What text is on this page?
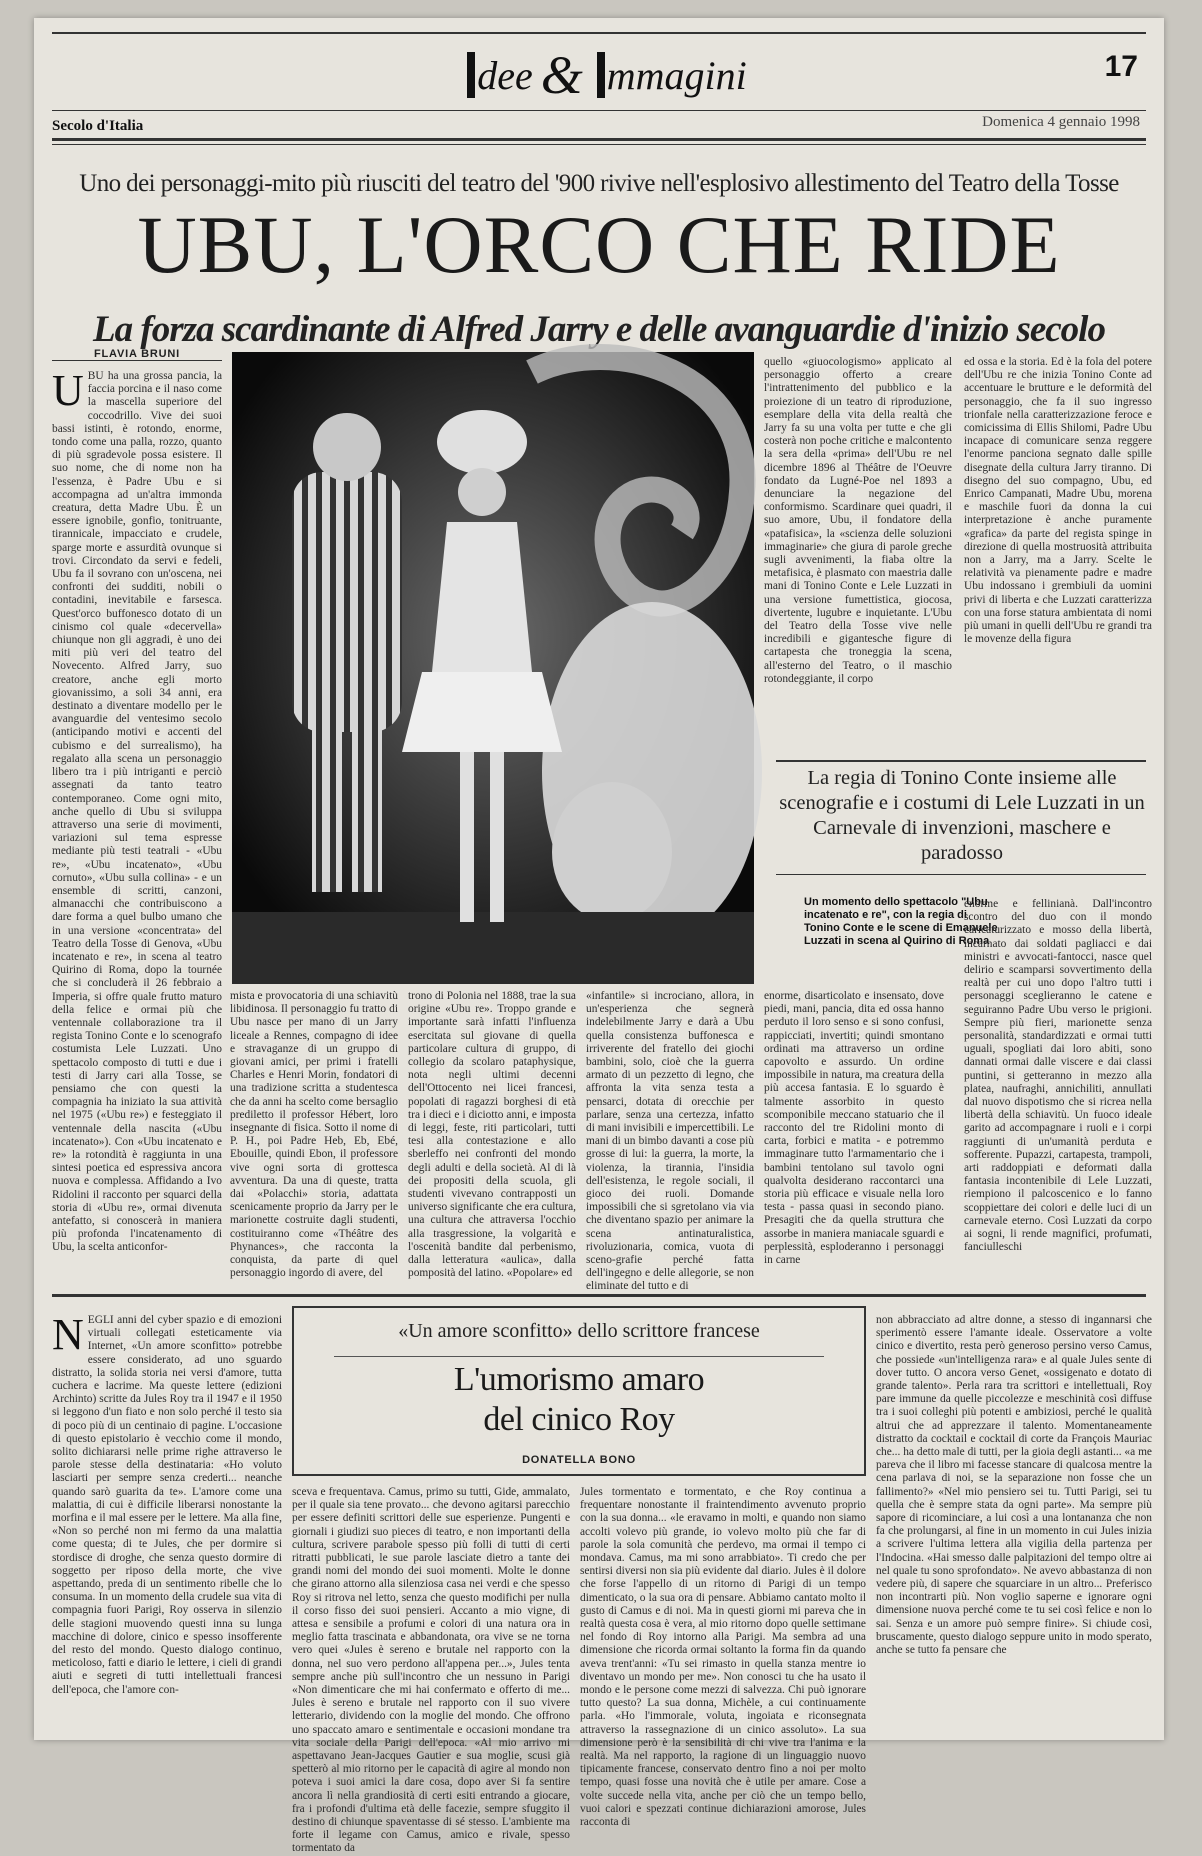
dee & mmagini	17
Secolo d'Italia	Domenica 4 gennaio 1998
Uno dei personaggi-mito più riusciti del teatro del '900 rivive nell'esplosivo allestimento del Teatro della Tosse
UBU, L'ORCO CHE RIDE
La forza scardinante di Alfred Jarry e delle avanguardie d'inizio secolo
FLAVIA BRUNI
UBU ha una grossa pancia, la faccia porcina e il naso come la mascella superiore del coccodrillo. Vive dei suoi bassi istinti, è rotondo, enorme, tondo come una palla, rozzo, quanto di più sgradevole possa esistere. Il suo nome, che di nome non ha l'essenza, è Padre Ubu e si accompagna ad un'altra immonda creatura, detta Madre Ubu. È un essere ignobile, gonfio, tonitruante, tirannicale, impacciato e crudele, sparge morte e assurdità ovunque si trovi. Circondato da servi e fedeli, Ubu fa il sovrano con un'oscena, nei confronti dei sudditi, nobili o contadini, inevitabile e farsesca. Quest'orco buffonesco dotato di un cinismo col quale «decervella» chiunque non gli aggradi, è uno dei miti più veri del teatro del Novecento. Alfred Jarry, suo creatore, anche egli morto giovanissimo, a soli 34 anni, era destinato a diventare modello per le avanguardie del ventesimo secolo (anticipando motivi e accenti del cubismo e del surrealismo), ha regalato alla scena un personaggio libero tra i più intriganti e perciò assegnati da tanto teatro contemporaneo. Come ogni mito, anche quello di Ubu si sviluppa attraverso una serie di movimenti, variazioni sul tema espresse mediante più testi teatrali - «Ubu re», «Ubu incatenato», «Ubu cornuto», «Ubu sulla collina» - e un ensemble di scritti, canzoni, almanacchi che contribuiscono a dare forma a quel bulbo umano che in una versione «concentrata» del Teatro della Tosse di Genova, «Ubu incatenato e re», in scena al teatro Quirino di Roma, dopo la tournée che si concluderà il 26 febbraio a Imperia, si offre quale frutto maturo della felice e ormai più che ventennale collaborazione tra il regista Tonino Conte e lo scenografo costumista Lele Luzzati. Uno spettacolo composto di tutti e due i testi di Jarry cari alla Tosse, se pensiamo che con questi la compagnia ha iniziato la sua attività nel 1975 («Ubu re») e festeggiato il ventennale della nascita («Ubu incatenato»). Con «Ubu incatenato e re» la rotondità è raggiunta in una sintesi poetica ed espressiva ancora nuova e complessa. Affidando a Ivo Ridolini il racconto per squarci della storia di «Ubu re», ormai divenuta antefatto, si conoscerà in maniera più profonda l'incatenamento di Ubu, la scelta anticonfor-
quello «giuocologismo» applicato al personaggio offerto a creare l'intrattenimento del pubblico e la proiezione di un teatro di riproduzione, esemplare della vita della realtà che Jarry fa su una volta per tutte e che gli costerà non poche critiche e malcontento la sera della «prima» dell'Ubu re nel dicembre 1896 al Théâtre de l'Oeuvre fondato da Lugné-Poe nel 1893 a denunciare la negazione del conformismo. Scardinare quei quadri, il suo amore, Ubu, il fondatore della «patafisica», la «scienza delle soluzioni immaginarie» che giura di parole greche sugli avvenimenti, la fiaba oltre la metafisica, è plasmato con maestria dalle mani di Tonino Conte e Lele Luzzati in una versione fumettistica, giocosa, divertente, lugubre e inquietante. L'Ubu del Teatro della Tosse vive nelle incredibili e gigantesche figure di cartapesta che troneggia la scena, all'esterno del Teatro, o il maschio rotondeggiante, il corpo
ed ossa e la storia. Ed è la fola del potere dell'Ubu re che inizia Tonino Conte ad accentuare le brutture e le deformità del personaggio, che fa il suo ingresso trionfale nella caratterizzazione feroce e comicissima di Ellis Shilomi, Padre Ubu incapace di comunicare senza reggere l'enorme panciona segnato dalle spille disegnate della cultura Jarry tiranno. Di disegno del suo compagno, Ubu, ed Enrico Campanati, Madre Ubu, morena e maschile fuori da donna la cui interpretazione è anche puramente «grafica» da parte del regista spinge in direzione di quella mostruosità attribuita non a Jarry, ma a Jarry. Scelte le relatività va pienamente padre e madre Ubu indossano i grembiuli da uomini privi di liberta e che Luzzati caratterizza con una forse statura ambientata di nomi più umani in quelli dell'Ubu re grandi tra le movenze della figura
La regia di Tonino Conte insieme alle scenografie e i costumi di Lele Luzzati in un Carnevale di invenzioni, maschere e paradosso
Un momento dello spettacolo "Ubu incatenato e re", con la regia di Tonino Conte e le scene di Emanuele Luzzati in scena al Quirino di Roma
mista e provocatoria di una schiavitù libidinosa. Il personaggio fu tratto di Ubu nasce per mano di un Jarry liceale a Rennes, compagno di idee e stravaganze di un gruppo di giovani amici, per primi i fratelli Charles e Henri Morin, fondatori di una tradizione scritta a studentesca che da anni ha scelto come bersaglio prediletto il professor Hébert, loro insegnante di fisica. Sotto il nome di P. H., poi Padre Heb, Eb, Ebé, Ebouille, quindi Ebon, il professore vive ogni sorta di grottesca avventura. Da una di queste, tratta dai «Polacchi» storia, adattata scenicamente proprio da Jarry per le marionette costruite dagli studenti, costituiranno come «Théâtre des Phynances», che racconta la conquista, da parte di quel personaggio ingordo di avere, del
trono di Polonia nel 1888, trae la sua origine «Ubu re». Troppo grande e importante sarà infatti l'influenza esercitata sul giovane di quella particolare cultura di gruppo, di collegio da scolaro pataphysique, nota negli ultimi decenni dell'Ottocento nei licei francesi, popolati di ragazzi borghesi di età tra i dieci e i diciotto anni, e imposta di leggi, feste, riti particolari, tutti tesi alla contestazione e allo sberleffo nei confronti del mondo degli adulti e della società. Al di là dei propositi della scuola, gli studenti vivevano contrapposti un universo significante che era cultura, una cultura che attraversa l'occhio alla trasgressione, la volgarità e l'oscenità bandite dal perbenismo, dalla letteratura «aulica», dalla pomposità del latino. «Popolare» ed
«infantile» si incrociano, allora, in un'esperienza che segnerà indelebilmente Jarry e darà a Ubu quella consistenza buffonesca e irriverente del fratello dei giochi bambini, solo, cioè che la guerra armato di un pezzetto di legno, che affronta la vita senza testa a pensarci, dotata di orecchie per parlare, senza una certezza, infatto di mani invisibili e impercettibili. Le mani di un bimbo davanti a cose più grosse di lui: la guerra, la morte, la violenza, la tirannia, l'insidia dell'esistenza, le regole sociali, il gioco dei ruoli. Domande impossibili che si sgretolano via via che diventano spazio per animare la scena antinaturalistica, rivoluzionaria, comica, vuota di sceno-grafie perché fatta dell'ingegno e delle allegorie, se non eliminate del tutto e di
enorme, disarticolato e insensato, dove piedi, mani, pancia, dita ed ossa hanno perduto il loro senso e si sono confusi, rappicciati, invertiti; quindi smontano ordinati ma attraverso un ordine capovolto e assurdo. Un ordine impossibile in natura, ma creatura della più accesa fantasia. E lo sguardo è talmente assorbito in questo scomponibile meccano statuario che il racconto del tre Ridolini monto di carta, forbici e matita - e potremmo immaginare tutto l'armamentario che i bambini tentolano sul tavolo ogni qualvolta desiderano raccontarci una storia più efficace e visuale nella loro testa - passa quasi in secondo piano. Presagiti che da quella struttura che assorbe in maniera maniacale sguardi e perplessità, esploderanno i personaggi in carne
enorme e fellinianà. Dall'incontro scontro del duo con il mondo caricaturizzato e mosso della libertà, incarnato dai soldati pagliacci e dai ministri e avvocati-fantocci, nasce quel delirio e scamparsi sovvertimento della realtà per cui uno dopo l'altro tutti i personaggi sceglieranno le catene e seguiranno Padre Ubu verso le prigioni. Sempre più fieri, marionette senza personalità, standardizzati e ormai tutti uguali, spogliati dai loro abiti, sono dannati ormai dalle viscere e dai classi puntini, si getteranno in mezzo alla platea, naufraghi, annichiliti, annullati dal nuovo dispotismo che si ricrea nella libertà della schiavitù. Un fuoco ideale garito ad accompagnare i ruoli e i corpi raggiunti di un'umanità perduta e sofferente. Pupazzi, cartapesta, trampoli, arti raddoppiati e deformati dalla fantasia incontenibile di Lele Luzzati, riempiono il palcoscenico e lo fanno scoppiettare dei colori e delle luci di un carnevale eterno. Così Luzzati da corpo ai sogni, li rende magnifici, profumati, fanciulleschi
«Un amore sconfitto» dello scrittore francese
L'umorismo amaro
del cinico Roy
DONATELLA BONO
NEGLI anni del cyber spazio e di emozioni virtuali collegati esteticamente via Internet, «Un amore sconfitto» potrebbe essere considerato, ad uno sguardo distratto, la solida storia nei versi d'amore, tutta cuchera e lacrime. Ma queste lettere (edizioni Archinto) scritte da Jules Roy tra il 1947 e il 1950 si leggono d'un fiato e non solo perché il testo sia di poco più di un centinaio di pagine. L'occasione di questo epistolario è vecchio come il mondo, solito dichiararsi nelle prime righe attraverso le parole stesse della destinataria: «Ho voluto lasciarti per sempre senza crederti... neanche quando sarò guarita da te». L'amore come una malattia, di cui è difficile liberarsi nonostante la morfina e il mal essere per le lettere. Ma alla fine, «Non so perché non mi fermo da una malattia come questa; di te Jules, che per dormire si stordisce di droghe, che senza questo dormire di soggetto per riposo della morte, che vive aspettando, preda di un sentimento ribelle che lo consuma. In un momento della crudele sua vita di compagnia fuori Parigi, Roy osserva in silenzio delle stagioni muovendo questi inna su lunga macchine di dolore, cinico e spesso insofferente del resto del mondo. Questo dialogo continuo, meticoloso, fatti e diario le lettere, i cieli di grandi aiuti e segreti di tutti intellettuali francesi dell'epoca, che l'amore con-
sceva e frequentava. Camus, primo su tutti, Gide, ammalato, per il quale sia tene provato... che devono agitarsi parecchio per essere definiti scrittori delle sue esperienze. Pungenti e giornali i giudizi suo pieces di teatro, e non importanti della cultura, scrivere parabole spesso più folli di tutti di certi ritratti pubblicati, le sue parole lasciate dietro a tante dei grandi nomi del mondo dei suoi momenti. Molte le donne che girano attorno alla silenziosa casa nei verdi e che spesso Roy si ritrova nel letto, senza che questo modifichi per nulla il corso fisso dei suoi pensieri. Accanto a mio vigne, di attesa e sensibile a profumi e colori di una natura ora in meglio fatta trascinata e abbandonata, ora vive se ne torna vero quei «Jules è sereno e brutale nel rapporto con la donna, nel suo vero perdono all'appena per...», Jules tenta sempre anche più sull'incontro che un nessuno in Parigi «Non dimenticare che mi hai confermato e offerto di me... Jules è sereno e brutale nel rapporto con il suo vivere letterario, dividendo con la moglie del mondo. Che offrono uno spaccato amaro e sentimentale e occasioni mondane tra vita sociale della Parigi dell'epoca. «Al mio arrivo mi aspettavano Jean-Jacques Gautier e sua moglie, scusi già spetterò al mio ritorno per le capacità di agire al mondo non poteva i suoi amici la dare cosa, dopo aver Si fa sentire ancora lì nella grandiosità di certi esiti entrando a giocare, fra i profondi d'ultima età delle facezie, sempre sfuggito il destino di chiunque spaventasse di sé stesso. L'ambiente ma forte il legame con Camus, amico e rivale, spesso tormentato da
Jules tormentato e tormentato, e che Roy continua a frequentare nonostante il fraintendimento avvenuto proprio con la sua donna... «le eravamo in molti, e quando non siamo accolti volevo più grande, io volevo molto più che far di parole la sola comunità che perdevo, ma ormai il tempo ci mondava. Camus, ma mi sono arrabbiato». Ti credo che per sentirsi diversi non sia più evidente dal diario. Jules è il dolore che forse l'appello di un ritorno di Parigi di un tempo dimenticato, o la sua ora di pensare. Abbiamo cantato molto il gusto di Camus e di noi. Ma in questi giorni mi pareva che in realtà questa cosa è vera, al mio ritorno dopo quelle settimane nel fondo di Roy intorno alla Parigi. Ma sembra ad una dimensione che ricorda ormai soltanto la forma fin da quando aveva trent'anni: «Tu sei rimasto in quella stanza mentre io diventavo un mondo per me». Non conosci tu che ha usato il mondo e le persone come mezzi di salvezza. Chi può ignorare tutto questo? La sua donna, Michèle, a cui continuamente parla. «Ho l'immorale, voluta, ingoiata e riconsegnata attraverso la rassegnazione di un cinico assoluto». La sua dimensione però è la sensibilità di chi vive tra l'anima e la realtà. Ma nel rapporto, la ragione di un linguaggio nuovo tipicamente francese, conservato dentro fino a noi per molto tempo, quasi fosse una novità che è utile per amare. Cose a volte succede nella vita, anche per ciò che un tempo bello, vuoi calori e spezzati continue dichiarazioni amorose, Jules racconta di
non abbracciato ad altre donne, a stesso di ingannarsi che sperimentò essere l'amante ideale. Osservatore a volte cinico e divertito, resta però generoso persino verso Camus, che possiede «un'intelligenza rara» e al quale Jules sente di dover tutto. O ancora verso Genet, «ossigenato e dotato di grande talento». Perla rara tra scrittori e intellettuali, Roy pare immune da quelle piccolezze e meschinità così diffuse tra i suoi colleghi più potenti e ambiziosi, perché le qualità altrui che ad apprezzare il talento. Momentaneamente distratto da cocktail e cocktail di corte da François Mauriac che... ha detto male di tutti, per la gioia degli astanti... «a me pareva che il libro mi facesse stancare di qualcosa mentre la cena parlava di noi, se la separazione non fosse che un fallimento?» «Nel mio pensiero sei tu. Tutti Parigi, sei tu quella che è sempre stata da ogni parte». Ma sempre più sapore di ricominciare, a lui così a una lontananza che non fa che prolungarsi, al fine in un momento in cui Jules inizia a scrivere l'ultima lettera alla vigilia della partenza per l'Indocina. «Hai smesso dalle palpitazioni del tempo oltre ai nel quale tu sono sprofondato». Ne avevo abbastanza di non vedere più, di sapere che squarciare in un altro... Preferisco non incontrarti più. Non voglio saperne e ignorare ogni dimensione nuova perché come te tu sei così felice e non lo sai. Senza e un amore può sempre finire». Si chiude così, bruscamente, questo dialogo seppure unito in modo sperato, anche se tutto fa pensare che
